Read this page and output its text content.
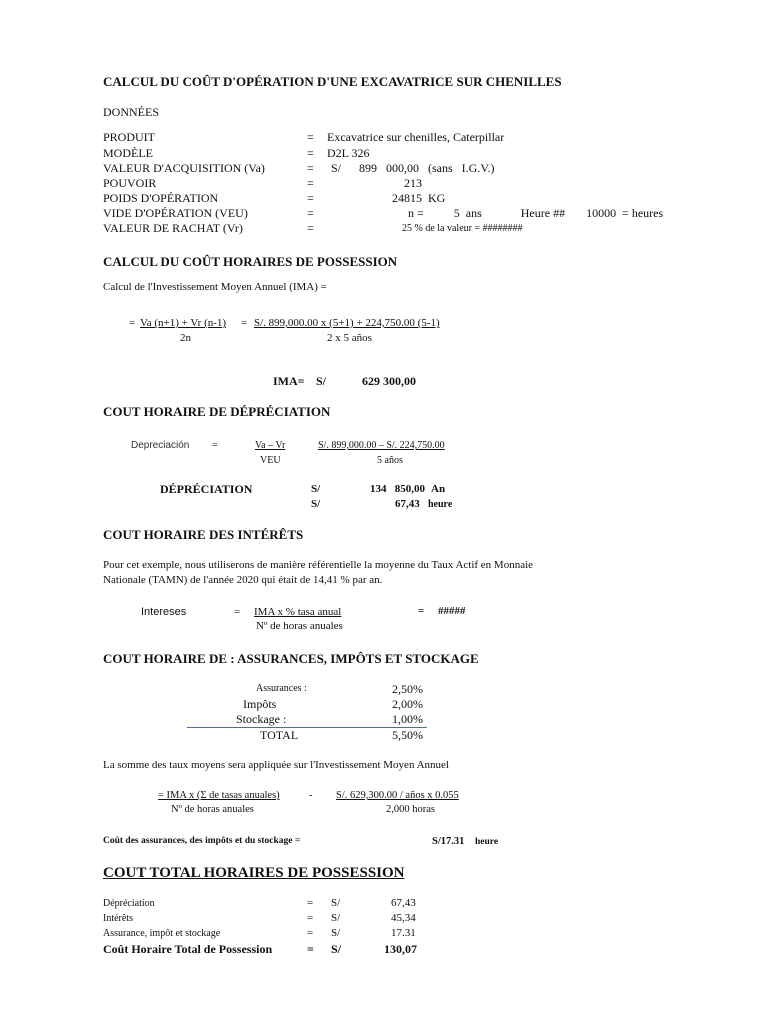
CALCUL DU COÛT D'OPÉRATION D'UNE EXCAVATRICE SUR CHENILLES
DONNÉES
PRODUIT	= Excavatrice sur chenilles, Caterpillar
MODÈLE	= D2L 326
VALEUR D'ACQUISITION (Va)	= S/      899   000,00   (sans   I.G.V.)
POUVOIR	=	213
POIDS D'OPÉRATION	=	24815  KG
VIDE D'OPÉRATION (VEU)	=	n =          5  ans             Heure ##       10000  = heures
VALEUR DE RACHAT (Vr)	=	25 % de la valeur = ########
CALCUL DU COÛT HORAIRES DE POSSESSION
Calcul de l'Investissement Moyen Annuel (IMA) =
= Va (n+1) + Vr (n-1) = S/. 899,000.00 x (5+1) + 224,750.00 (5-1)
2n	2 x 5 años
IMA= S/	629 300,00
COUT HORAIRE DE DÉPRÉCIATION
Depreciación =	Va – Vr
VEU
S/. 899,000.00 – S/. 224,750.00
5 años
DÉPRÉCIATION	S/	134   850,00 An
S/	67,43 heure
COUT HORAIRE DES INTÉRÊTS
Pour cet exemple, nous utiliserons de manière référentielle la moyenne du Taux Actif en Monnaie
Nationale (TAMN) de l'année 2020 qui était de 14,41 % par an.
Intereses	= IMA x % tasa anual
Nº de horas anuales
= #####
COUT HORAIRE DE : ASSURANCES, IMPÔTS ET STOCKAGE
Assurances :	2,50%
Impôts	2,00%
Stockage :	1,00%
TOTAL	5,50%
La somme des taux moyens sera appliquée sur l'Investissement Moyen Annuel
= IMA x (Σ de tasas anuales)	- S/. 629,300.00 / años x 0.055
Nº de horas anuales	2,000 horas
Coût des assurances, des impôts et du stockage =	S/17.31 heure
COUT TOTAL HORAIRES DE POSSESSION
Dépréciation	= S/	67,43
Intérêts	= S/	45,34
Assurance, impôt et stockage	= S/	17.31
Coût Horaire Total de Possession	= S/	130,07
